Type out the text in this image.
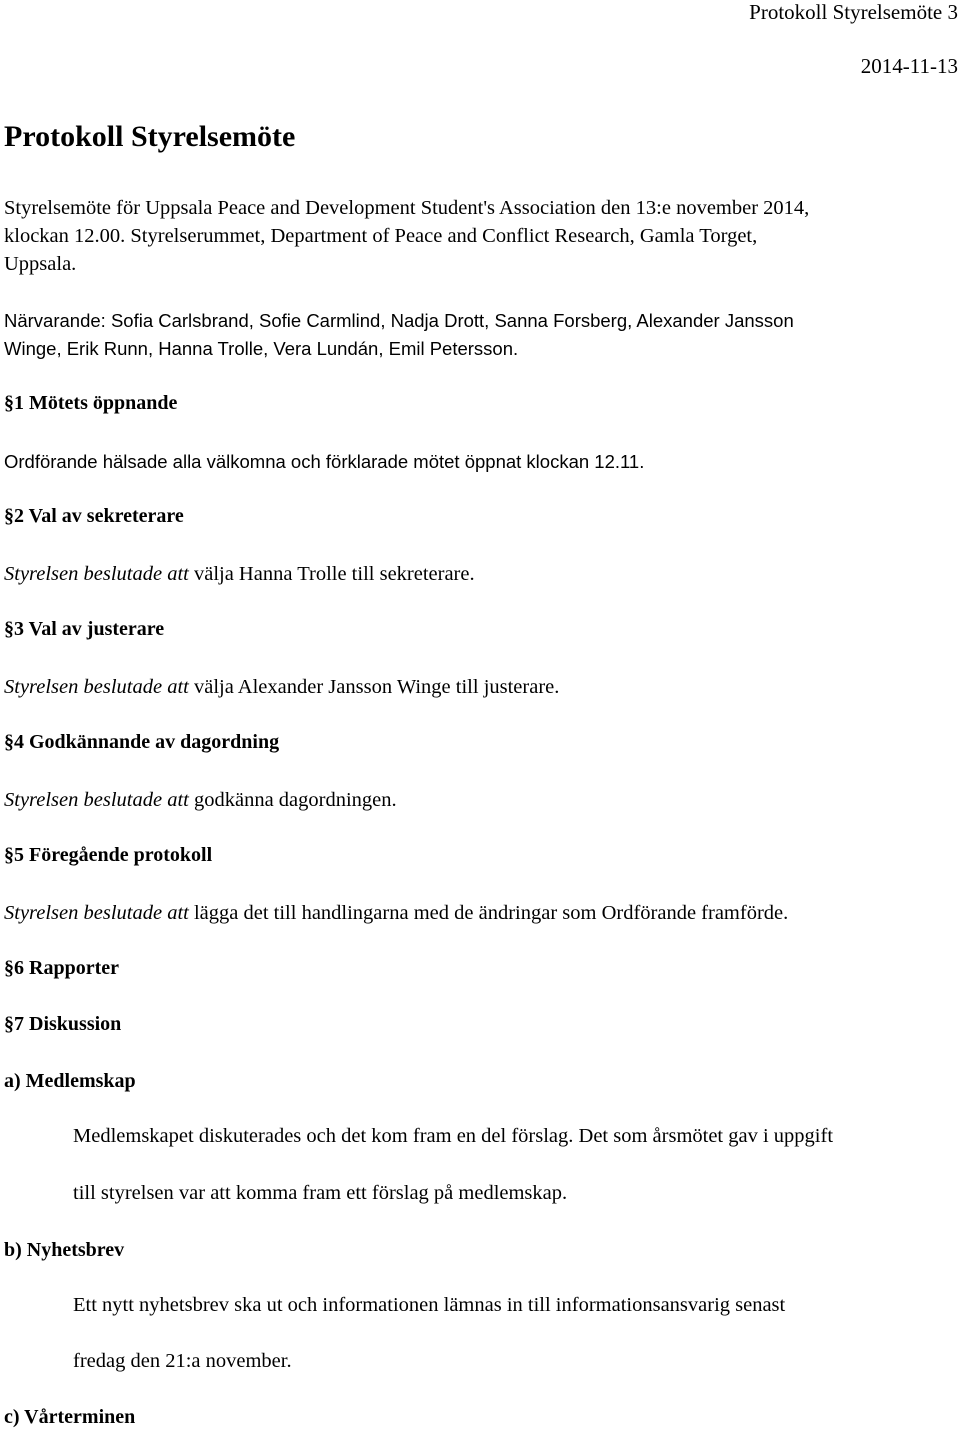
Protokoll Styrelsemöte 3
2014-11-13
Protokoll Styrelsemöte
Styrelsemöte för Uppsala Peace and Development Student's Association den 13:e november 2014,
klockan 12.00. Styrelserummet, Department of Peace and Conflict Research, Gamla Torget,
Uppsala.
Närvarande: Sofia Carlsbrand, Sofie Carmlind, Nadja Drott, Sanna Forsberg, Alexander Jansson
Winge, Erik Runn, Hanna Trolle, Vera Lundán, Emil Petersson.
§1 Mötets öppnande
Ordförande hälsade alla välkomna och förklarade mötet öppnat klockan 12.11.
§2 Val av sekreterare
Styrelsen beslutade att välja Hanna Trolle till sekreterare.
§3 Val av justerare
Styrelsen beslutade att välja Alexander Jansson Winge till justerare.
§4 Godkännande av dagordning
Styrelsen beslutade att godkänna dagordningen.
§5 Föregående protokoll
Styrelsen beslutade att lägga det till handlingarna med de ändringar som Ordförande framförde.
§6 Rapporter
§7 Diskussion
a) Medlemskap
Medlemskapet diskuterades och det kom fram en del förslag. Det som årsmötet gav i uppgift
till styrelsen var att komma fram ett förslag på medlemskap.
b) Nyhetsbrev
Ett nytt nyhetsbrev ska ut och informationen lämnas in till informationsansvarig senast
fredag den 21:a november.
c) Vårterminen
